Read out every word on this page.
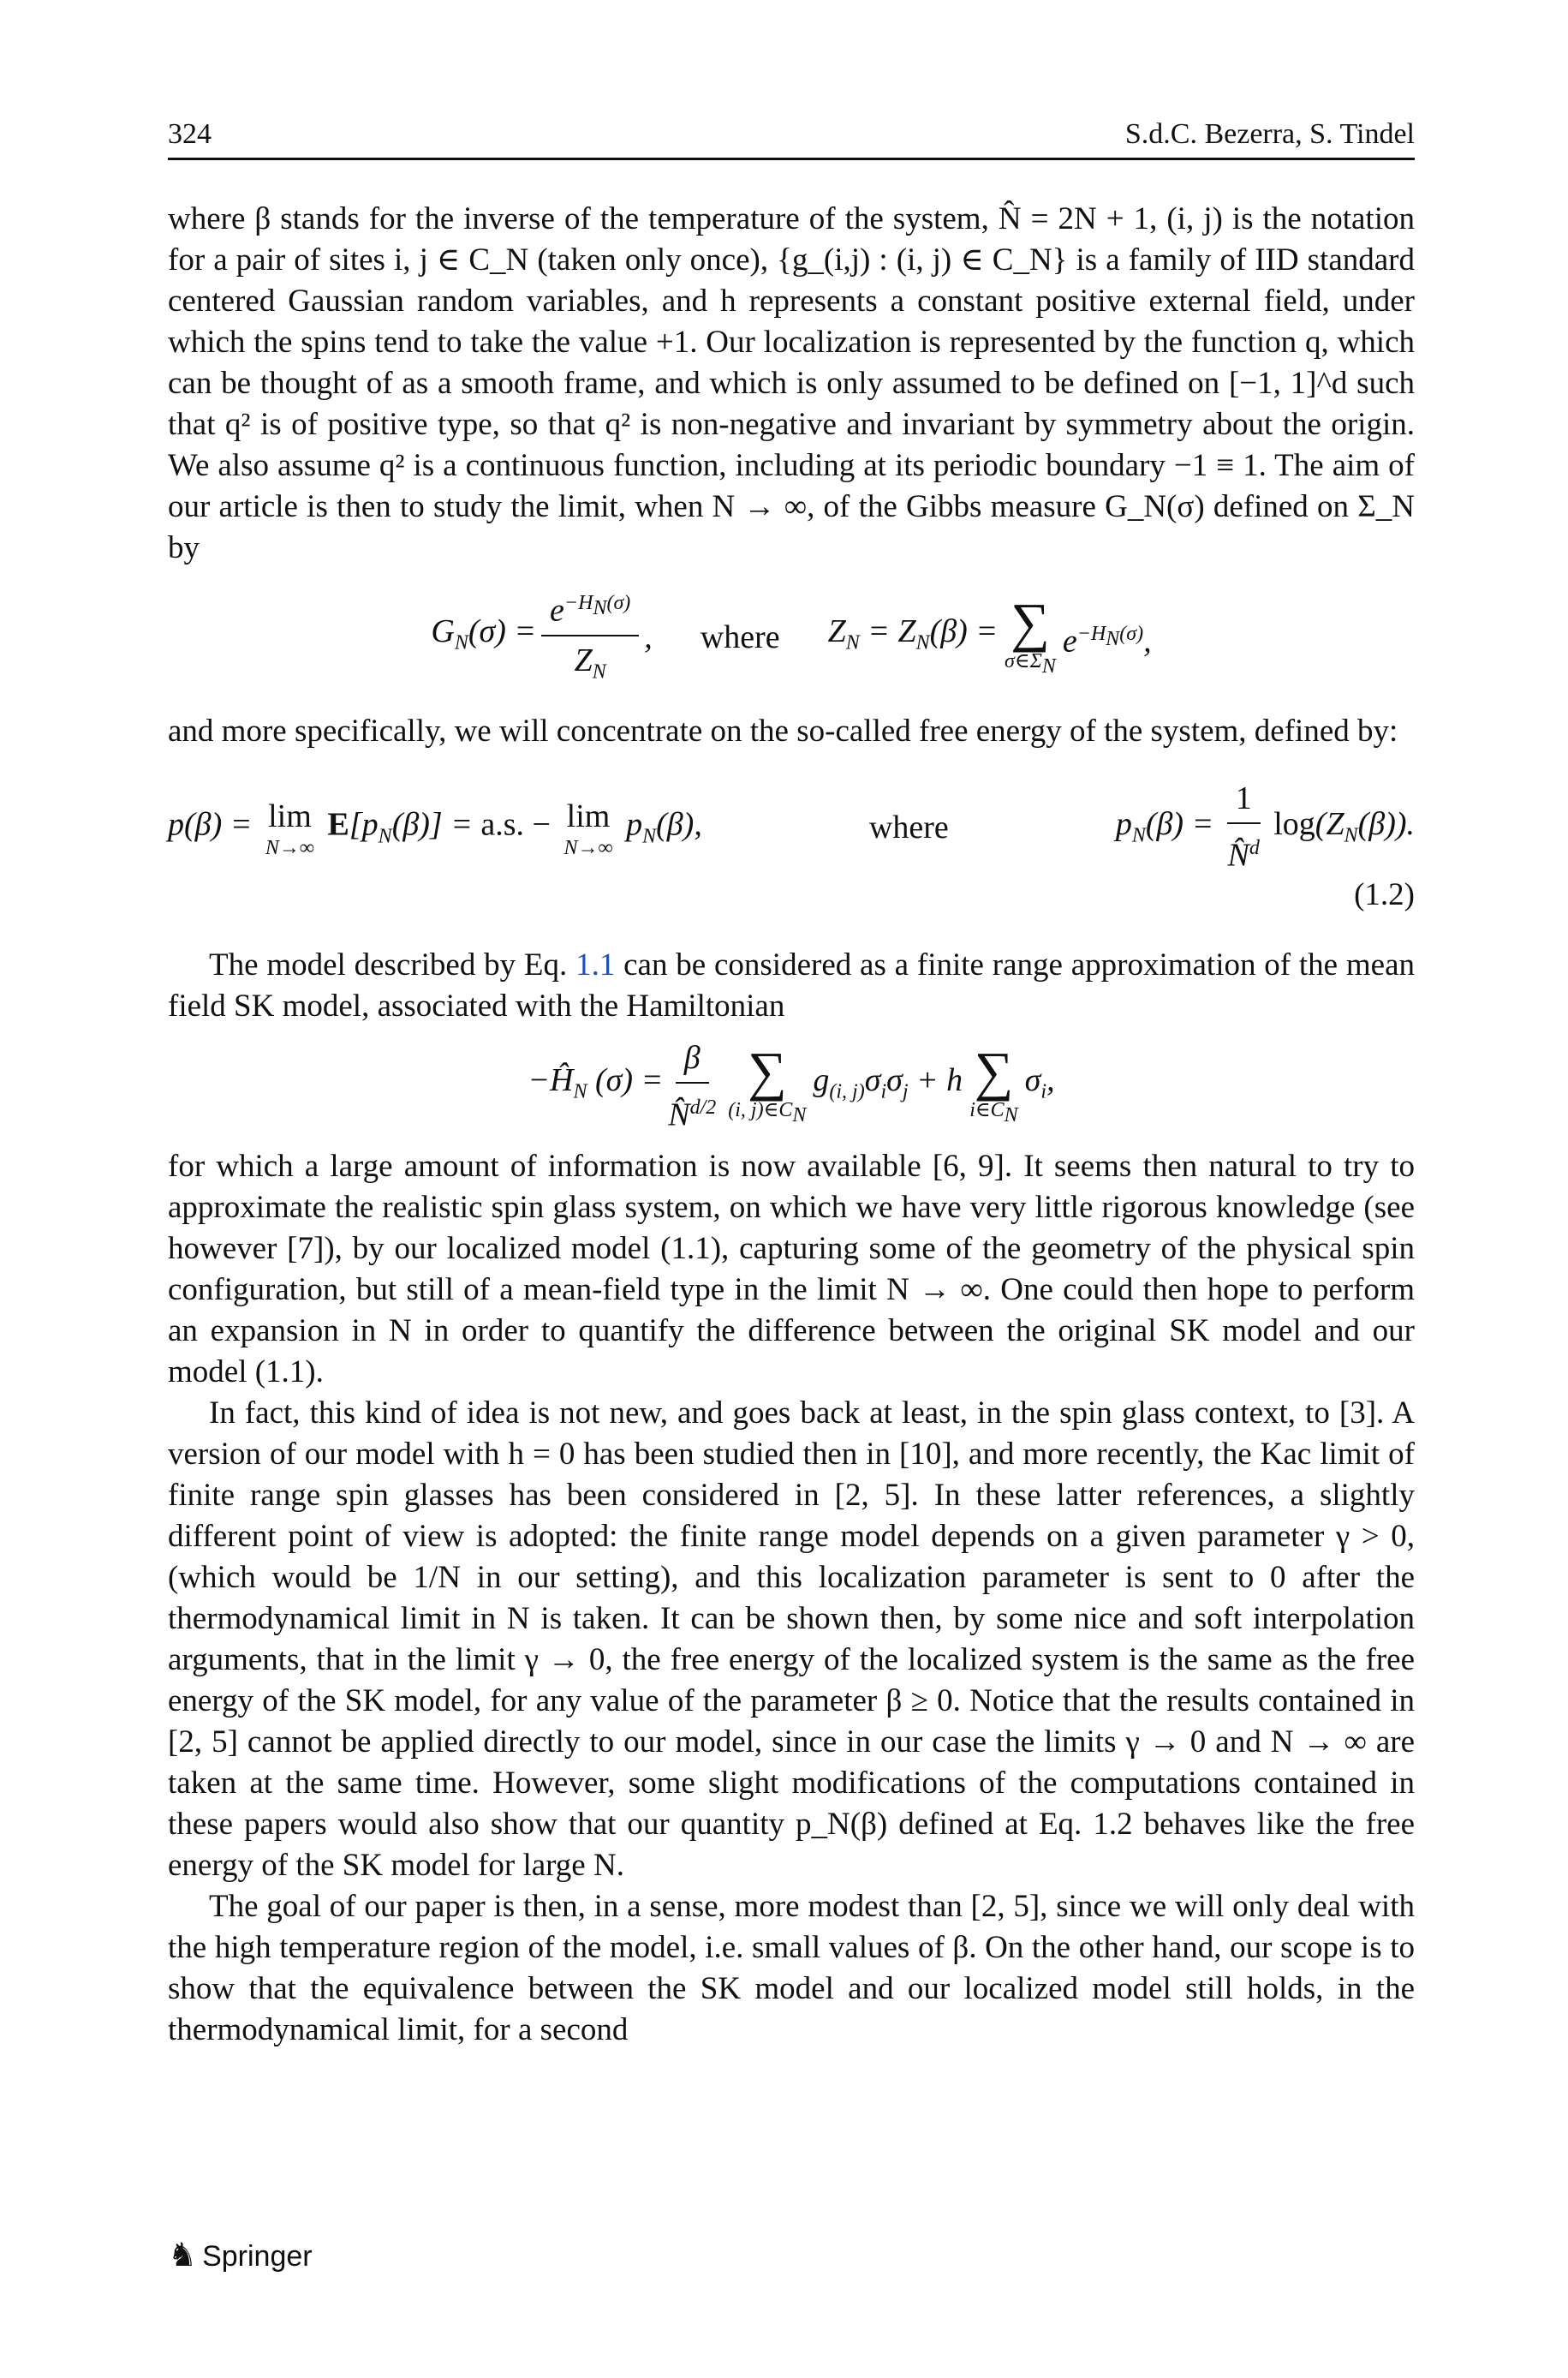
324	S.d.C. Bezerra, S. Tindel

where β stands for the inverse of the temperature of the system, N̂ = 2N + 1, (i, j) is the notation for a pair of sites i, j ∈ C_N (taken only once), {g_(i,j) : (i, j) ∈ C_N} is a family of IID standard centered Gaussian random variables, and h represents a constant positive external field, under which the spins tend to take the value +1. Our localization is represented by the function q, which can be thought of as a smooth frame, and which is only assumed to be defined on [−1, 1]^d such that q² is of positive type, so that q² is non-negative and invariant by symmetry about the origin. We also assume q² is a continuous function, including at its periodic boundary −1 ≡ 1. The aim of our article is then to study the limit, when N → ∞, of the Gibbs measure G_N(σ) defined on Σ_N by

$G_N(\sigma) = \frac{e^{-H_N(\sigma)}}{Z_N}$ , where $Z_N = Z_N(\beta)$ = ∑
$\sigma\in\Sigma_N$
$e^{-H_N(\sigma)}$,

and more specifically, we will concentrate on the so-called free energy of the system, defined by:

p(β) = lim
N→∞
$E[p_N(\beta)] = a.s$. − lim
N→∞
$p_N(\beta)$,	where	$p_N(\beta) = \frac{1}{N̂^d} \log(Z_N(\beta))$.
(1.2)

The model described by Eq. 1.1 can be considered as a finite range approximation of the mean field SK model, associated with the Hamiltonian

$-Ĥ_N$ $(\sigma) = \frac{\beta}{N̂^{d/2}}$ ∑
(i, $j)\in C_N$
$g_{(i, j)}\sigma_i\sigma_j + h$ ∑
$i\in C_N$
$\sigma_i$,

for which a large amount of information is now available [6, 9]. It seems then natural to try to approximate the realistic spin glass system, on which we have very little rigorous knowledge (see however [7]), by our localized model (1.1), capturing some of the geometry of the physical spin configuration, but still of a mean-field type in the limit N → ∞. One could then hope to perform an expansion in N in order to quantify the difference between the original SK model and our model (1.1).

In fact, this kind of idea is not new, and goes back at least, in the spin glass context, to [3]. A version of our model with h = 0 has been studied then in [10], and more recently, the Kac limit of finite range spin glasses has been considered in [2, 5]. In these latter references, a slightly different point of view is adopted: the finite range model depends on a given parameter γ > 0, (which would be 1/N in our setting), and this localization parameter is sent to 0 after the thermodynamical limit in N is taken. It can be shown then, by some nice and soft interpolation arguments, that in the limit γ → 0, the free energy of the localized system is the same as the free energy of the SK model, for any value of the parameter β ≥ 0. Notice that the results contained in [2, 5] cannot be applied directly to our model, since in our case the limits γ → 0 and N → ∞ are taken at the same time. However, some slight modifications of the computations contained in these papers would also show that our quantity p_N(β) defined at Eq. 1.2 behaves like the free energy of the SK model for large N.

The goal of our paper is then, in a sense, more modest than [2, 5], since we will only deal with the high temperature region of the model, i.e. small values of β. On the other hand, our scope is to show that the equivalence between the SK model and our localized model still holds, in the thermodynamical limit, for a second

♞ Springer
